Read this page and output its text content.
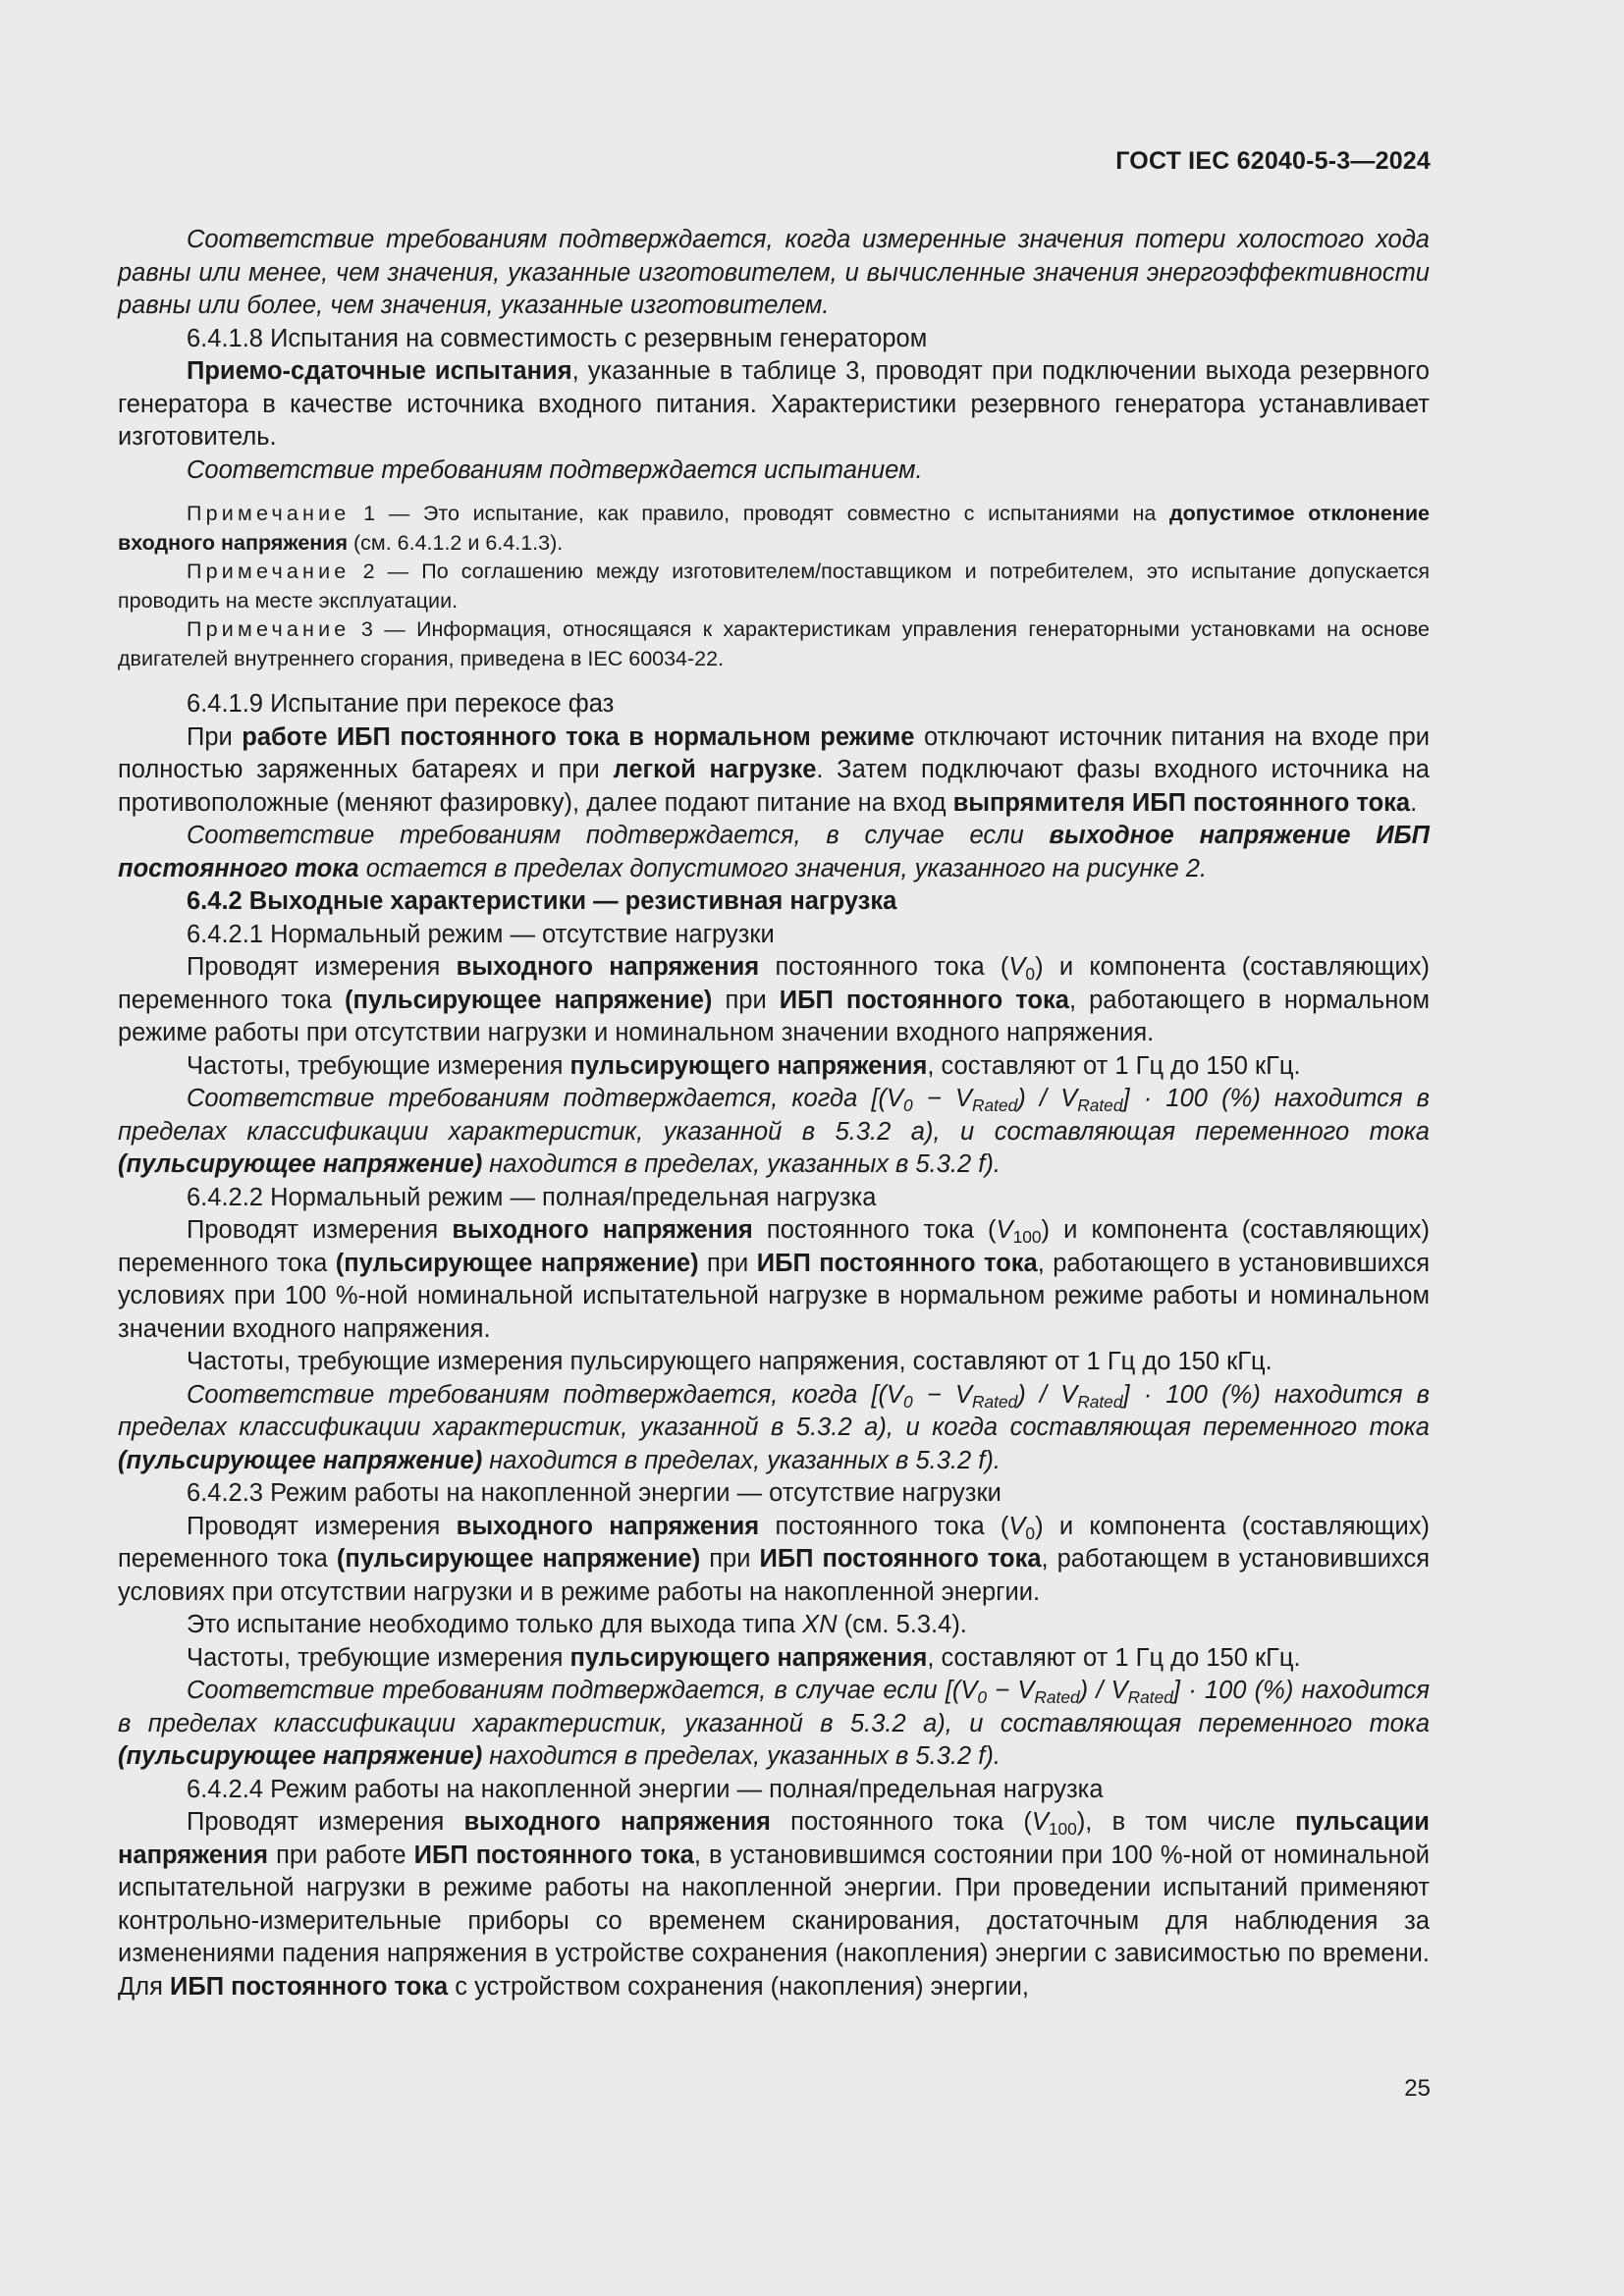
ГОСТ IEC 62040-5-3—2024

Соответствие требованиям подтверждается, когда измеренные значения потери холостого хода равны или менее, чем значения, указанные изготовителем, и вычисленные значения энергоэффективности равны или более, чем значения, указанные изготовителем.

6.4.1.8 Испытания на совместимость с резервным генератором

Приемо-сдаточные испытания, указанные в таблице 3, проводят при подключении выхода резервного генератора в качестве источника входного питания. Характеристики резервного генератора устанавливает изготовитель.

Соответствие требованиям подтверждается испытанием.

Примечание 1 — Это испытание, как правило, проводят совместно с испытаниями на допустимое отклонение входного напряжения (см. 6.4.1.2 и 6.4.1.3).

Примечание 2 — По соглашению между изготовителем/поставщиком и потребителем, это испытание допускается проводить на месте эксплуатации.

Примечание 3 — Информация, относящаяся к характеристикам управления генераторными установками на основе двигателей внутреннего сгорания, приведена в IEC 60034-22.

6.4.1.9 Испытание при перекосе фаз

При работе ИБП постоянного тока в нормальном режиме отключают источник питания на входе при полностью заряженных батареях и при легкой нагрузке. Затем подключают фазы входного источника на противоположные (меняют фазировку), далее подают питание на вход выпрямителя ИБП постоянного тока.

Соответствие требованиям подтверждается, в случае если выходное напряжение ИБП постоянного тока остается в пределах допустимого значения, указанного на рисунке 2.

6.4.2 Выходные характеристики — резистивная нагрузка

6.4.2.1 Нормальный режим — отсутствие нагрузки

Проводят измерения выходного напряжения постоянного тока $(V_0)$ и компонента (составляющих) переменного тока (пульсирующее напряжение) при ИБП постоянного тока, работающего в нормальном режиме работы при отсутствии нагрузки и номинальном значении входного напряжения.

Частоты, требующие измерения пульсирующего напряжения, составляют от 1 Гц до 150 кГц.

Соответствие требованиям подтверждается, когда $[(V_0 - V_{Rated}) / V_{Rated}] \cdot 100$ (%) находится в пределах классификации характеристик, указанной в 5.3.2 a), и составляющая переменного тока (пульсирующее напряжение) находится в пределах, указанных в 5.3.2 f).

6.4.2.2 Нормальный режим — полная/предельная нагрузка

Проводят измерения выходного напряжения постоянного тока $(V_{100})$ и компонента (составляющих) переменного тока (пульсирующее напряжение) при ИБП постоянного тока, работающего в установившихся условиях при 100 %-ной номинальной испытательной нагрузке в нормальном режиме работы и номинальном значении входного напряжения.

Частоты, требующие измерения пульсирующего напряжения, составляют от 1 Гц до 150 кГц.

Соответствие требованиям подтверждается, когда $[(V_0 - V_{Rated}) / V_{Rated}] \cdot 100$ (%) находится в пределах классификации характеристик, указанной в 5.3.2 a), и когда составляющая переменного тока (пульсирующее напряжение) находится в пределах, указанных в 5.3.2 f).

6.4.2.3 Режим работы на накопленной энергии — отсутствие нагрузки

Проводят измерения выходного напряжения постоянного тока $(V_0)$ и компонента (составляющих) переменного тока (пульсирующее напряжение) при ИБП постоянного тока, работающем в установившихся условиях при отсутствии нагрузки и в режиме работы на накопленной энергии.

Это испытание необходимо только для выхода типа XN (см. 5.3.4).

Частоты, требующие измерения пульсирующего напряжения, составляют от 1 Гц до 150 кГц.

Соответствие требованиям подтверждается, в случае если $[(V_0 - V_{Rated}) / V_{Rated}] \cdot 100$ (%) находится в пределах классификации характеристик, указанной в 5.3.2 a), и составляющая переменного тока (пульсирующее напряжение) находится в пределах, указанных в 5.3.2 f).

6.4.2.4 Режим работы на накопленной энергии — полная/предельная нагрузка

Проводят измерения выходного напряжения постоянного тока $(V_{100})$, в том числе пульсации напряжения при работе ИБП постоянного тока, в установившимся состоянии при 100 %-ной от номинальной испытательной нагрузки в режиме работы на накопленной энергии. При проведении испытаний применяют контрольно-измерительные приборы со временем сканирования, достаточным для наблюдения за изменениями падения напряжения в устройстве сохранения (накопления) энергии с зависимостью по времени. Для ИБП постоянного тока с устройством сохранения (накопления) энергии,

25
